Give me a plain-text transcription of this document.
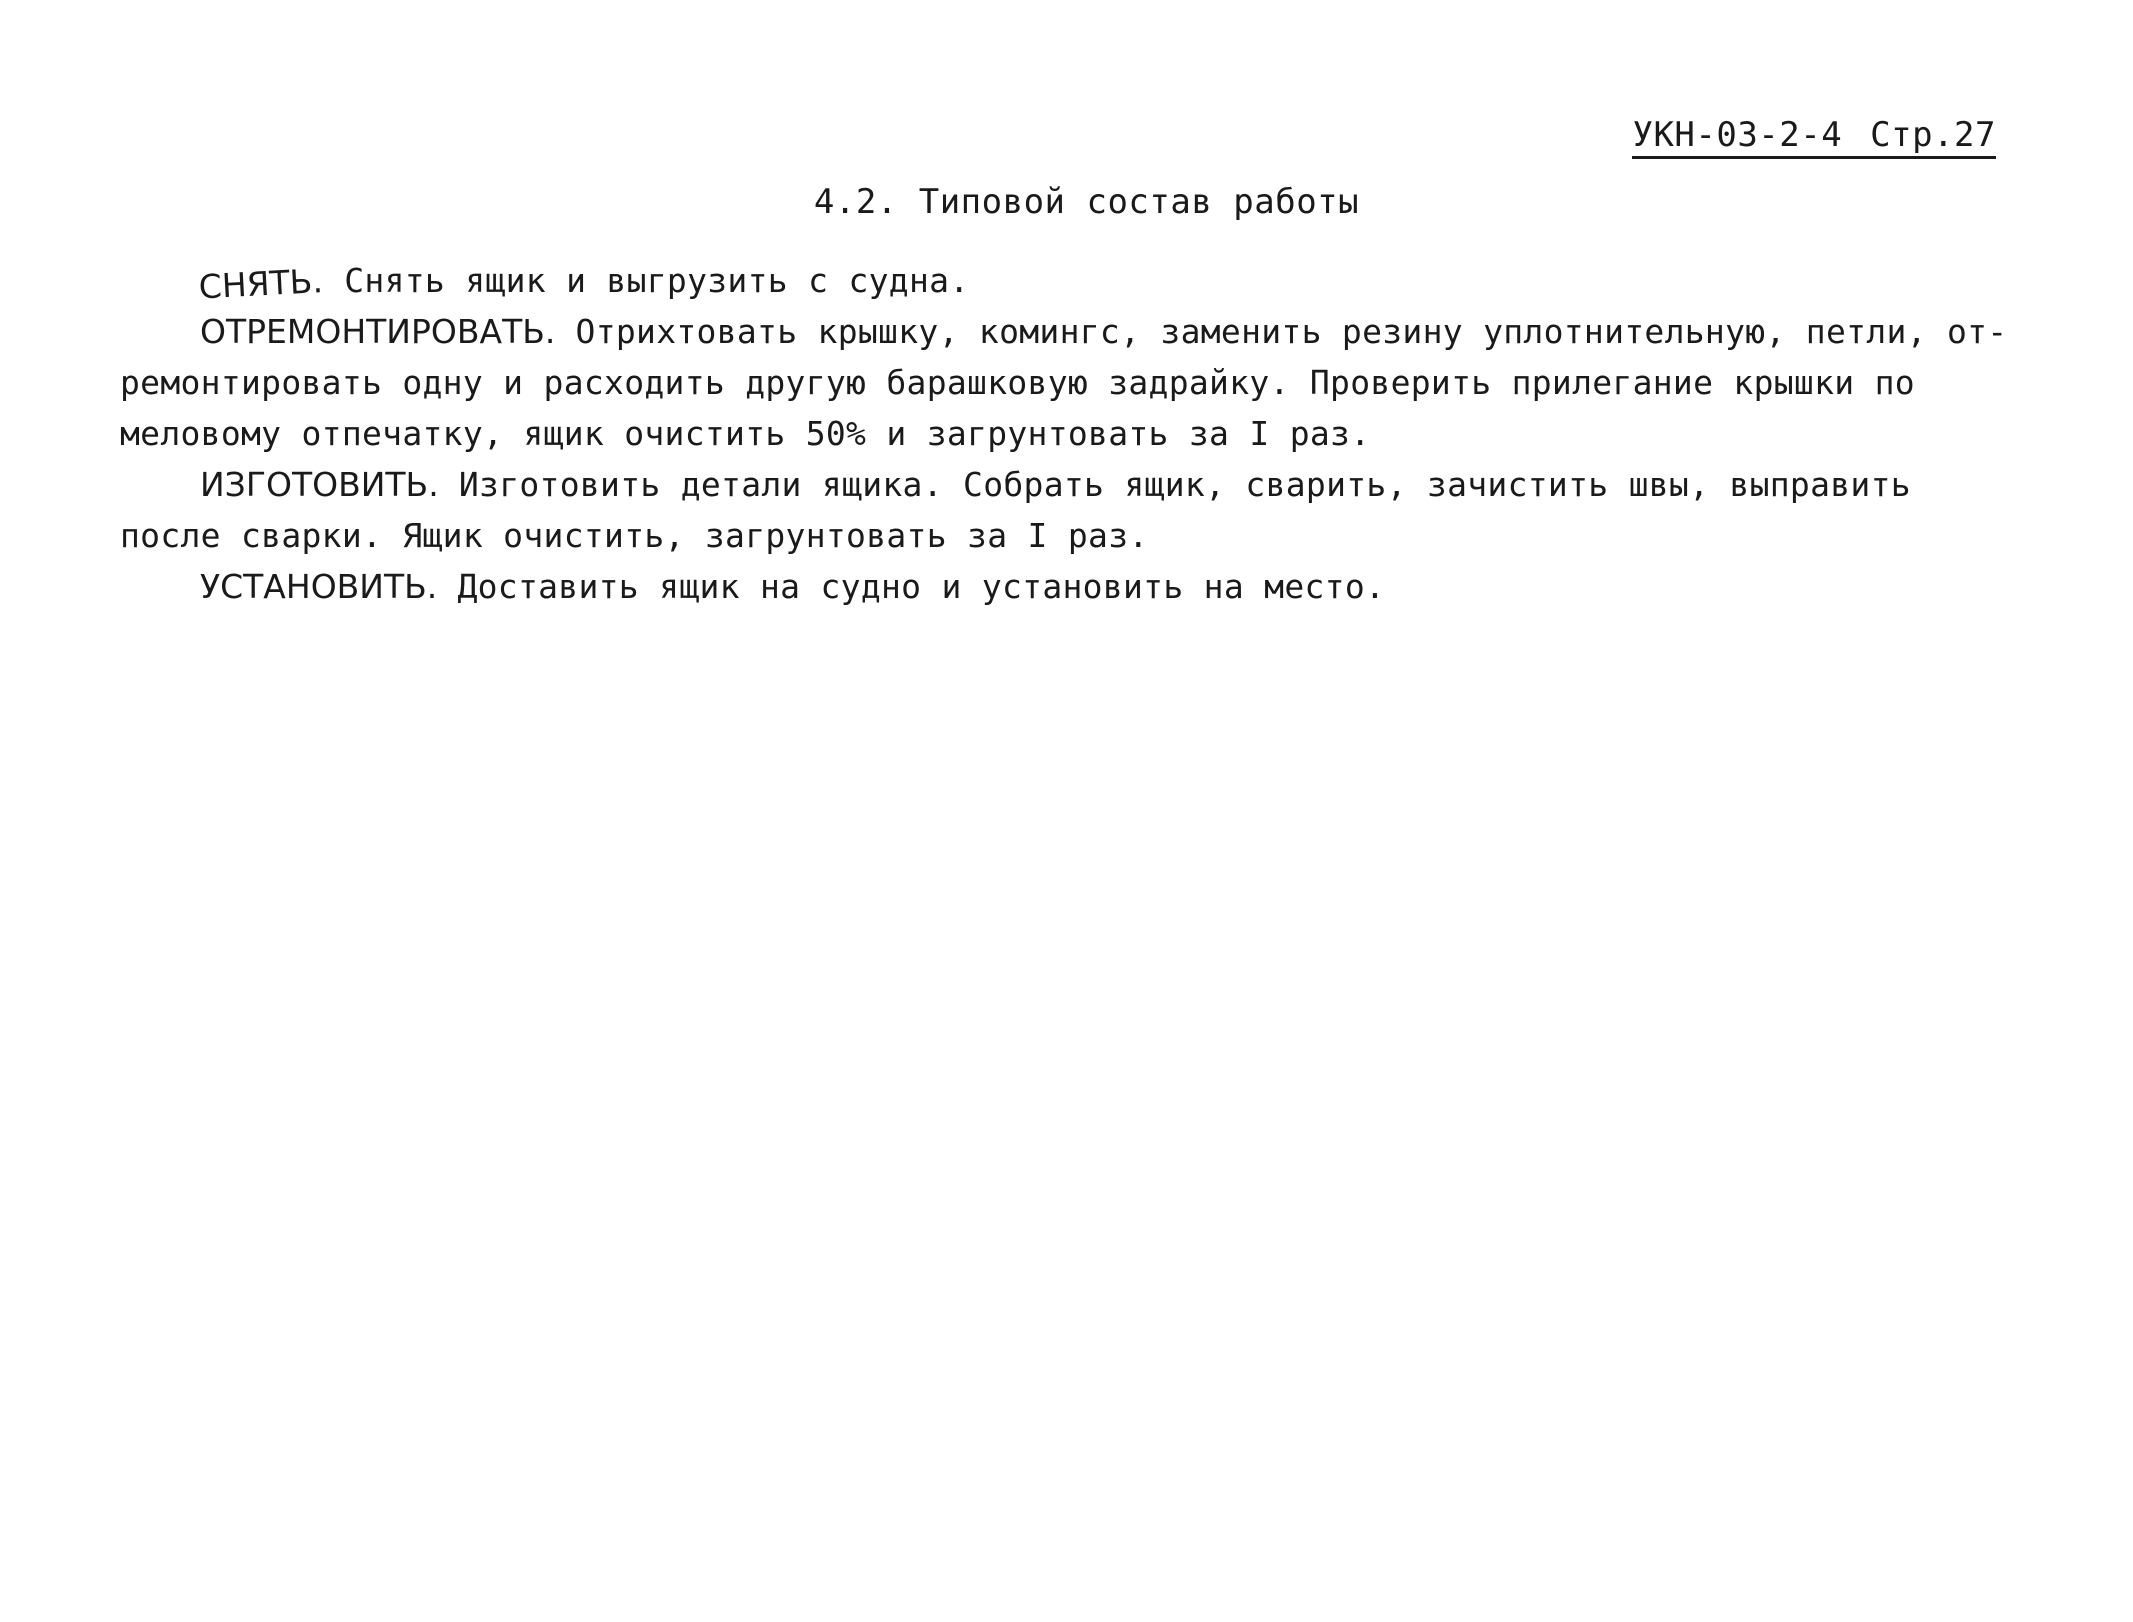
УКН-03-2-4 Стр.27
4.2. Типовой состав работы
СНЯТЬ. Снять ящик и выгрузить с судна.
ОТРЕМОНТИРОВАТЬ. Отрихтовать крышку, комингс, заменить резину уплотнительную, петли, от-
ремонтировать одну и расходить другую барашковую задрайку. Проверить прилегание крышки по
меловому отпечатку, ящик очистить 50% и загрунтовать за I раз.
ИЗГОТОВИТЬ. Изготовить детали ящика. Собрать ящик, сварить, зачистить швы, выправить
после сварки. Ящик очистить, загрунтовать за I раз.
УСТАНОВИТЬ. Доставить ящик на судно и установить на место.
